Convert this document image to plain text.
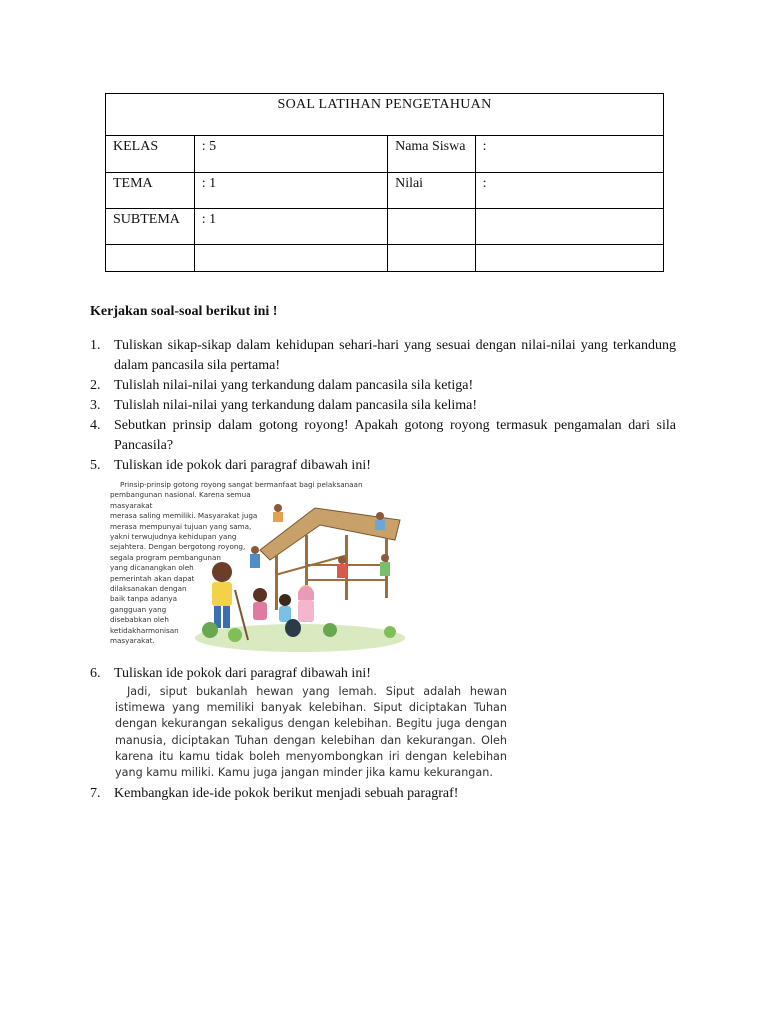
SOAL LATIHAN PENGETAHUAN			
KELAS	: 5	Nama Siswa	:
TEMA	: 1	Nilai	:
SUBTEMA	: 1		

Kerjakan soal-soal berikut ini !
1. Tuliskan sikap-sikap dalam kehidupan sehari-hari yang sesuai dengan nilai-nilai yang terkandung dalam pancasila sila pertama!
2. Tulislah nilai-nilai yang terkandung dalam pancasila sila ketiga!
3. Tulislah nilai-nilai yang terkandung dalam pancasila sila kelima!
4. Sebutkan prinsip dalam gotong royong! Apakah gotong royong termasuk pengamalan dari sila Pancasila?
5. Tuliskan ide pokok dari paragraf dibawah ini!
6. Tuliskan ide pokok dari paragraf dibawah ini!
7. Kembangkan ide-ide pokok berikut menjadi sebuah paragraf!
Prinsip-prinsip gotong royong sangat bermanfaat bagi pelaksanaan
pembangunan nasional. Karena semua masyarakat
merasa saling memiliki. Masyarakat juga
merasa mempunyai tujuan yang sama,
yakni terwujudnya kehidupan yang
sejahtera. Dengan bergotong royong,
segala program pembangunan
yang dicanangkan oleh
pemerintah akan dapat
dilaksanakan dengan
baik tanpa adanya
gangguan yang
disebabkan oleh
ketidakharmonisan
masyarakat.
Jadi, siput bukanlah hewan yang lemah. Siput adalah hewan istimewa yang memiliki banyak kelebihan. Siput diciptakan Tuhan dengan kekurangan sekaligus dengan kelebihan. Begitu juga dengan manusia, diciptakan Tuhan dengan kelebihan dan kekurangan. Oleh karena itu kamu tidak boleh menyombongkan iri dengan kelebihan yang kamu miliki. Kamu juga jangan minder jika kamu kekurangan.
